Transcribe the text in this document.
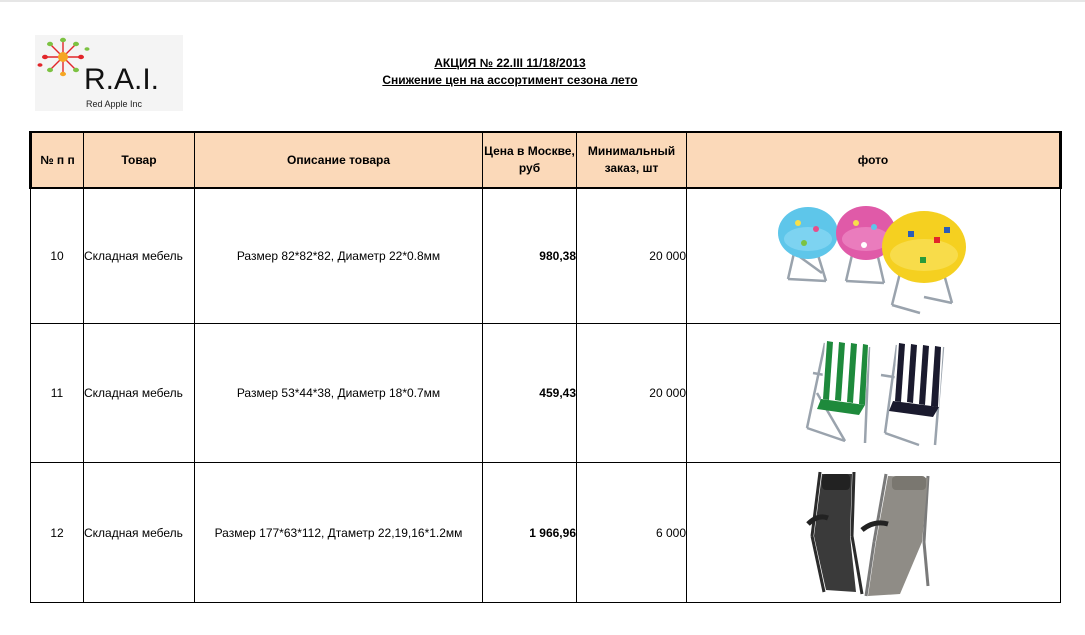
R.A.I.
Red Apple Inc
АКЦИЯ № 22.III 11/18/2013
Снижение цен на ассортимент сезона лето
№ п п	Товар	Описание товара	Цена в Москве, руб	Минимальный заказ, шт	фото
10	Складная мебель	Размер 82*82*82, Диаметр 22*0.8мм	980,38	20 000	

11	Складная мебель	Размер 53*44*38, Диаметр 18*0.7мм	459,43	20 000	

12	Складная мебель	Размер 177*63*112, Дтаметр 22,19,16*1.2мм	1 966,96	6 000	
